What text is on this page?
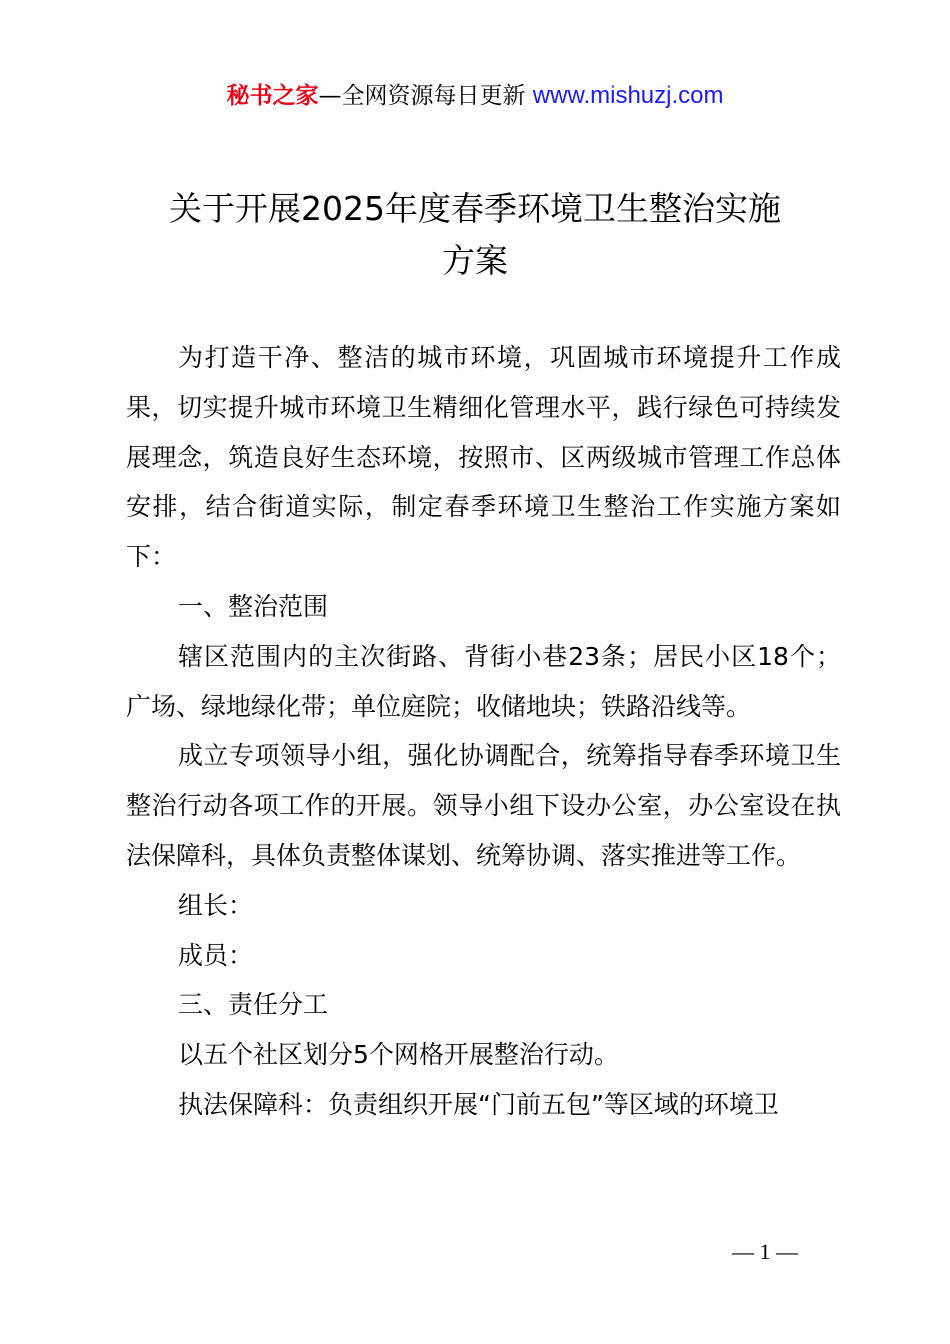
秘书之家—全网资源每日更新 www.mishuzj.com
关于开展2025年度春季环境卫生整治实施
方案

为打造干净、整洁的城市环境，巩固城市环境提升工作成果，切实提升城市环境卫生精细化管理水平，践行绿色可持续发展理念，筑造良好生态环境，按照市、区两级城市管理工作总体安排，结合街道实际，制定春季环境卫生整治工作实施方案如下：

一、整治范围

辖区范围内的主次街路、背街小巷23条；居民小区18个；广场、绿地绿化带；单位庭院；收储地块；铁路沿线等。

成立专项领导小组，强化协调配合，统筹指导春季环境卫生整治行动各项工作的开展。领导小组下设办公室，办公室设在执法保障科，具体负责整体谋划、统筹协调、落实推进等工作。

组长：

成员：

三、责任分工

以五个社区划分5个网格开展整治行动。

执法保障科：负责组织开展“门前五包”等区域的环境卫

— 1 —
